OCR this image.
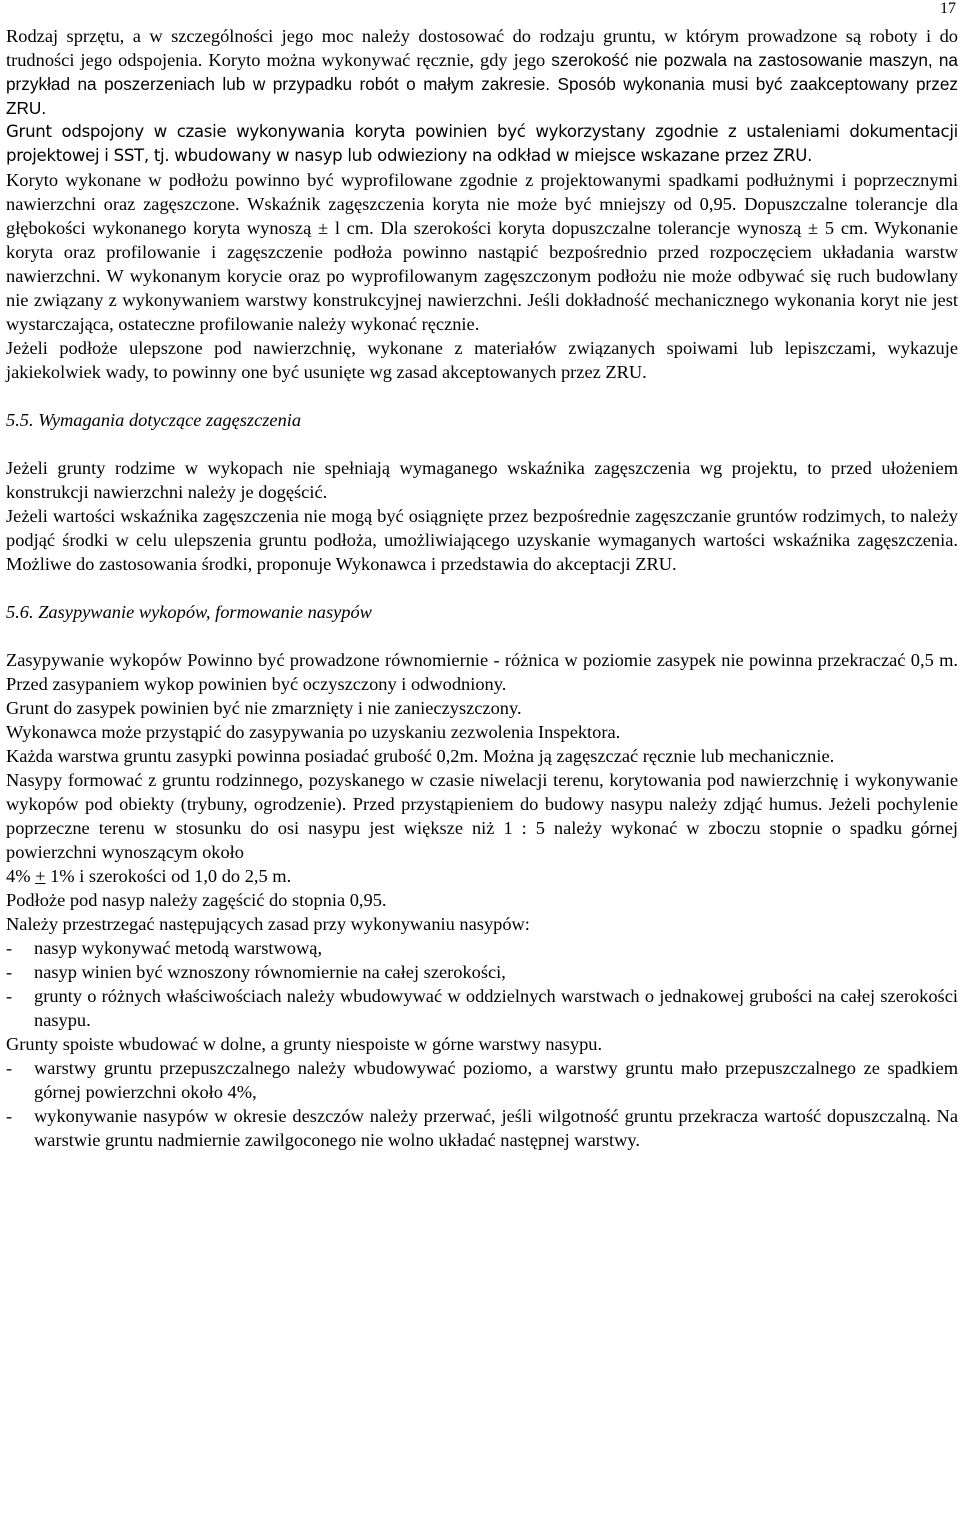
17

Rodzaj sprzętu, a w szczególności jego moc należy dostosować do rodzaju gruntu, w którym prowadzone są roboty i do trudności jego odspojenia. Koryto można wykonywać ręcznie, gdy jego szerokość nie pozwala na zastosowanie maszyn, na przykład na poszerzeniach lub w przypadku robót o małym zakresie. Sposób wykonania musi być zaakceptowany przez ZRU.

Grunt odspojony w czasie wykonywania koryta powinien być wykorzystany zgodnie z ustaleniami dokumentacji projektowej i SST, tj. wbudowany w nasyp lub odwieziony na odkład w miejsce wskazane przez ZRU.

Koryto wykonane w podłożu powinno być wyprofilowane zgodnie z projektowanymi spadkami podłużnymi i poprzecznymi nawierzchni oraz zagęszczone. Wskaźnik zagęszczenia koryta nie może być mniejszy od 0,95. Dopuszczalne tolerancje dla głębokości wykonanego koryta wynoszą ± l cm. Dla szerokości koryta dopuszczalne tolerancje wynoszą ± 5 cm. Wykonanie koryta oraz profilowanie i zagęszczenie podłoża powinno nastąpić bezpośrednio przed rozpoczęciem układania warstw nawierzchni. W wykonanym korycie oraz po wyprofilowanym zagęszczonym podłożu nie może odbywać się ruch budowlany nie związany z wykonywaniem warstwy konstrukcyjnej nawierzchni. Jeśli dokładność mechanicznego wykonania koryt nie jest wystarczająca, ostateczne profilowanie należy wykonać ręcznie.

Jeżeli podłoże ulepszone pod nawierzchnię, wykonane z materiałów związanych spoiwami lub lepiszczami, wykazuje jakiekolwiek wady, to powinny one być usunięte wg zasad akceptowanych przez ZRU.

5.5. Wymagania dotyczące zagęszczenia

Jeżeli grunty rodzime w wykopach nie spełniają wymaganego wskaźnika zagęszczenia wg projektu, to przed ułożeniem konstrukcji nawierzchni należy je dogęścić.

Jeżeli wartości wskaźnika zagęszczenia nie mogą być osiągnięte przez bezpośrednie zagęszczanie gruntów rodzimych, to należy podjąć środki w celu ulepszenia gruntu podłoża, umożliwiającego uzyskanie wymaganych wartości wskaźnika zagęszczenia. Możliwe do zastosowania środki, proponuje Wykonawca i przedstawia do akceptacji ZRU.

5.6. Zasypywanie wykopów, formowanie nasypów

Zasypywanie wykopów Powinno być prowadzone równomiernie - różnica w poziomie zasypek nie powinna przekraczać 0,5 m. Przed zasypaniem wykop powinien być oczyszczony i odwodniony.

Grunt do zasypek powinien być nie zmarznięty i nie zanieczyszczony.

Wykonawca może przystąpić do zasypywania po uzyskaniu zezwolenia Inspektora.

Każda warstwa gruntu zasypki powinna posiadać grubość 0,2m. Można ją zagęszczać ręcznie lub mechanicznie.

Nasypy formować z gruntu rodzinnego, pozyskanego w czasie niwelacji terenu, korytowania pod nawierzchnię i wykonywanie wykopów pod obiekty (trybuny, ogrodzenie). Przed przystąpieniem do budowy nasypu należy zdjąć humus. Jeżeli pochylenie poprzeczne terenu w stosunku do osi nasypu jest większe niż 1 : 5 należy wykonać w zboczu stopnie o spadku górnej powierzchni wynoszącym około

4% + 1% i szerokości od 1,0 do 2,5 m.

Podłoże pod nasyp należy zagęścić do stopnia 0,95.

Należy przestrzegać następujących zasad przy wykonywaniu nasypów:

-	nasyp wykonywać metodą warstwową,
-	nasyp winien być wznoszony równomiernie na całej szerokości,
-	grunty o różnych właściwościach należy wbudowywać w oddzielnych warstwach o jednakowej grubości na całej szerokości nasypu.

Grunty spoiste wbudować w dolne, a grunty niespoiste w górne warstwy nasypu.

-	warstwy gruntu przepuszczalnego należy wbudowywać poziomo, a warstwy gruntu mało przepuszczalnego ze spadkiem górnej powierzchni około 4%,
-	wykonywanie nasypów w okresie deszczów należy przerwać, jeśli wilgotność gruntu przekracza wartość dopuszczalną. Na warstwie gruntu nadmiernie zawilgoconego nie wolno układać następnej warstwy.
